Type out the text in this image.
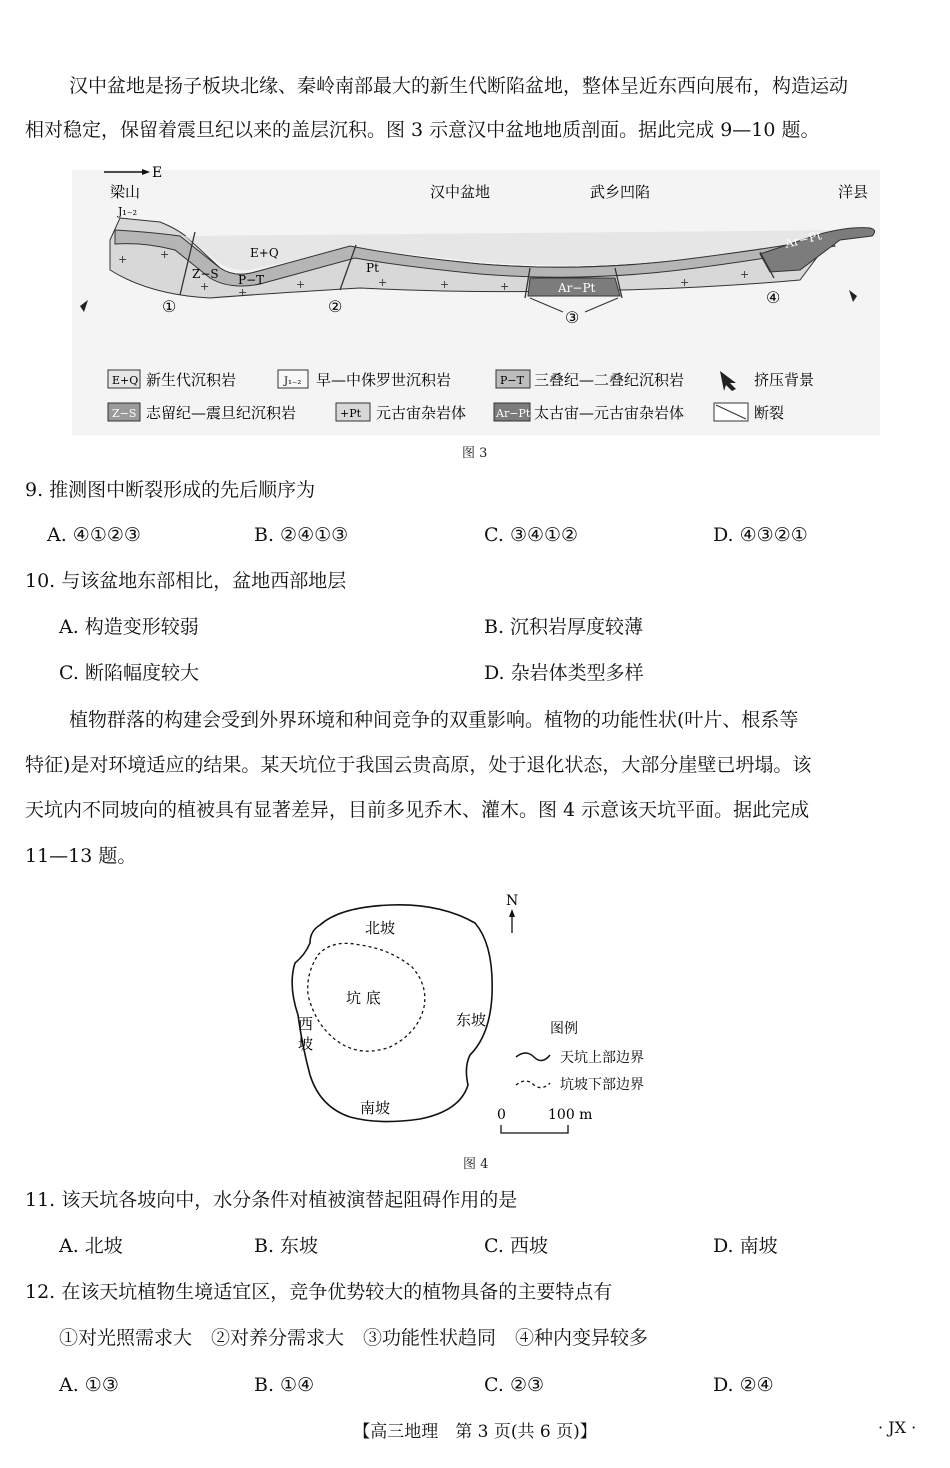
汉中盆地是扬子板块北缘、秦岭南部最大的新生代断陷盆地，整体呈近东西向展布，构造运动
相对稳定，保留着震旦纪以来的盖层沉积。图 3 示意汉中盆地地质剖面。据此完成 9—10 题。
E
梁山	汉中盆地	武乡凹陷	洋县
+	+
+	+
+	+	+	+	+
+
J₁₋₂
E+Q
Z−S P−T
Pt
Ar−Pt
Ar−Pt
①	②
③
④
E+Q 新生代沉积岩	J₁₋₂ 早—中侏罗世沉积岩	P−T 三叠纪—二叠纪沉积岩	挤压背景
Z−S 志留纪—震旦纪沉积岩	+Pt 元古宙杂岩体	Ar−Pt 太古宙—元古宙杂岩体	断裂
图 3
9. 推测图中断裂形成的先后顺序为
A. ④①②③	B. ②④①③	C. ③④①②	D. ④③②①
10. 与该盆地东部相比，盆地西部地层
A. 构造变形较弱	B. 沉积岩厚度较薄
C. 断陷幅度较大	D. 杂岩体类型多样
植物群落的构建会受到外界环境和种间竞争的双重影响。植物的功能性状(叶片、根系等
特征)是对环境适应的结果。某天坑位于我国云贵高原，处于退化状态，大部分崖壁已坍塌。该
天坑内不同坡向的植被具有显著差异，目前多见乔木、灌木。图 4 示意该天坑平面。据此完成
11—13 题。
北坡
坑 底
西
坡
东坡
南坡
N
图例
天坑上部边界
坑坡下部边界
0	100 m
图 4
11. 该天坑各坡向中，水分条件对植被演替起阻碍作用的是
A. 北坡	B. 东坡	C. 西坡	D. 南坡
12. 在该天坑植物生境适宜区，竞争优势较大的植物具备的主要特点有
①对光照需求大　②对养分需求大　③功能性状趋同　④种内变异较多
A. ①③	B. ①④	C. ②③	D. ②④
【高三地理　第 3 页(共 6 页)】	· JX ·
